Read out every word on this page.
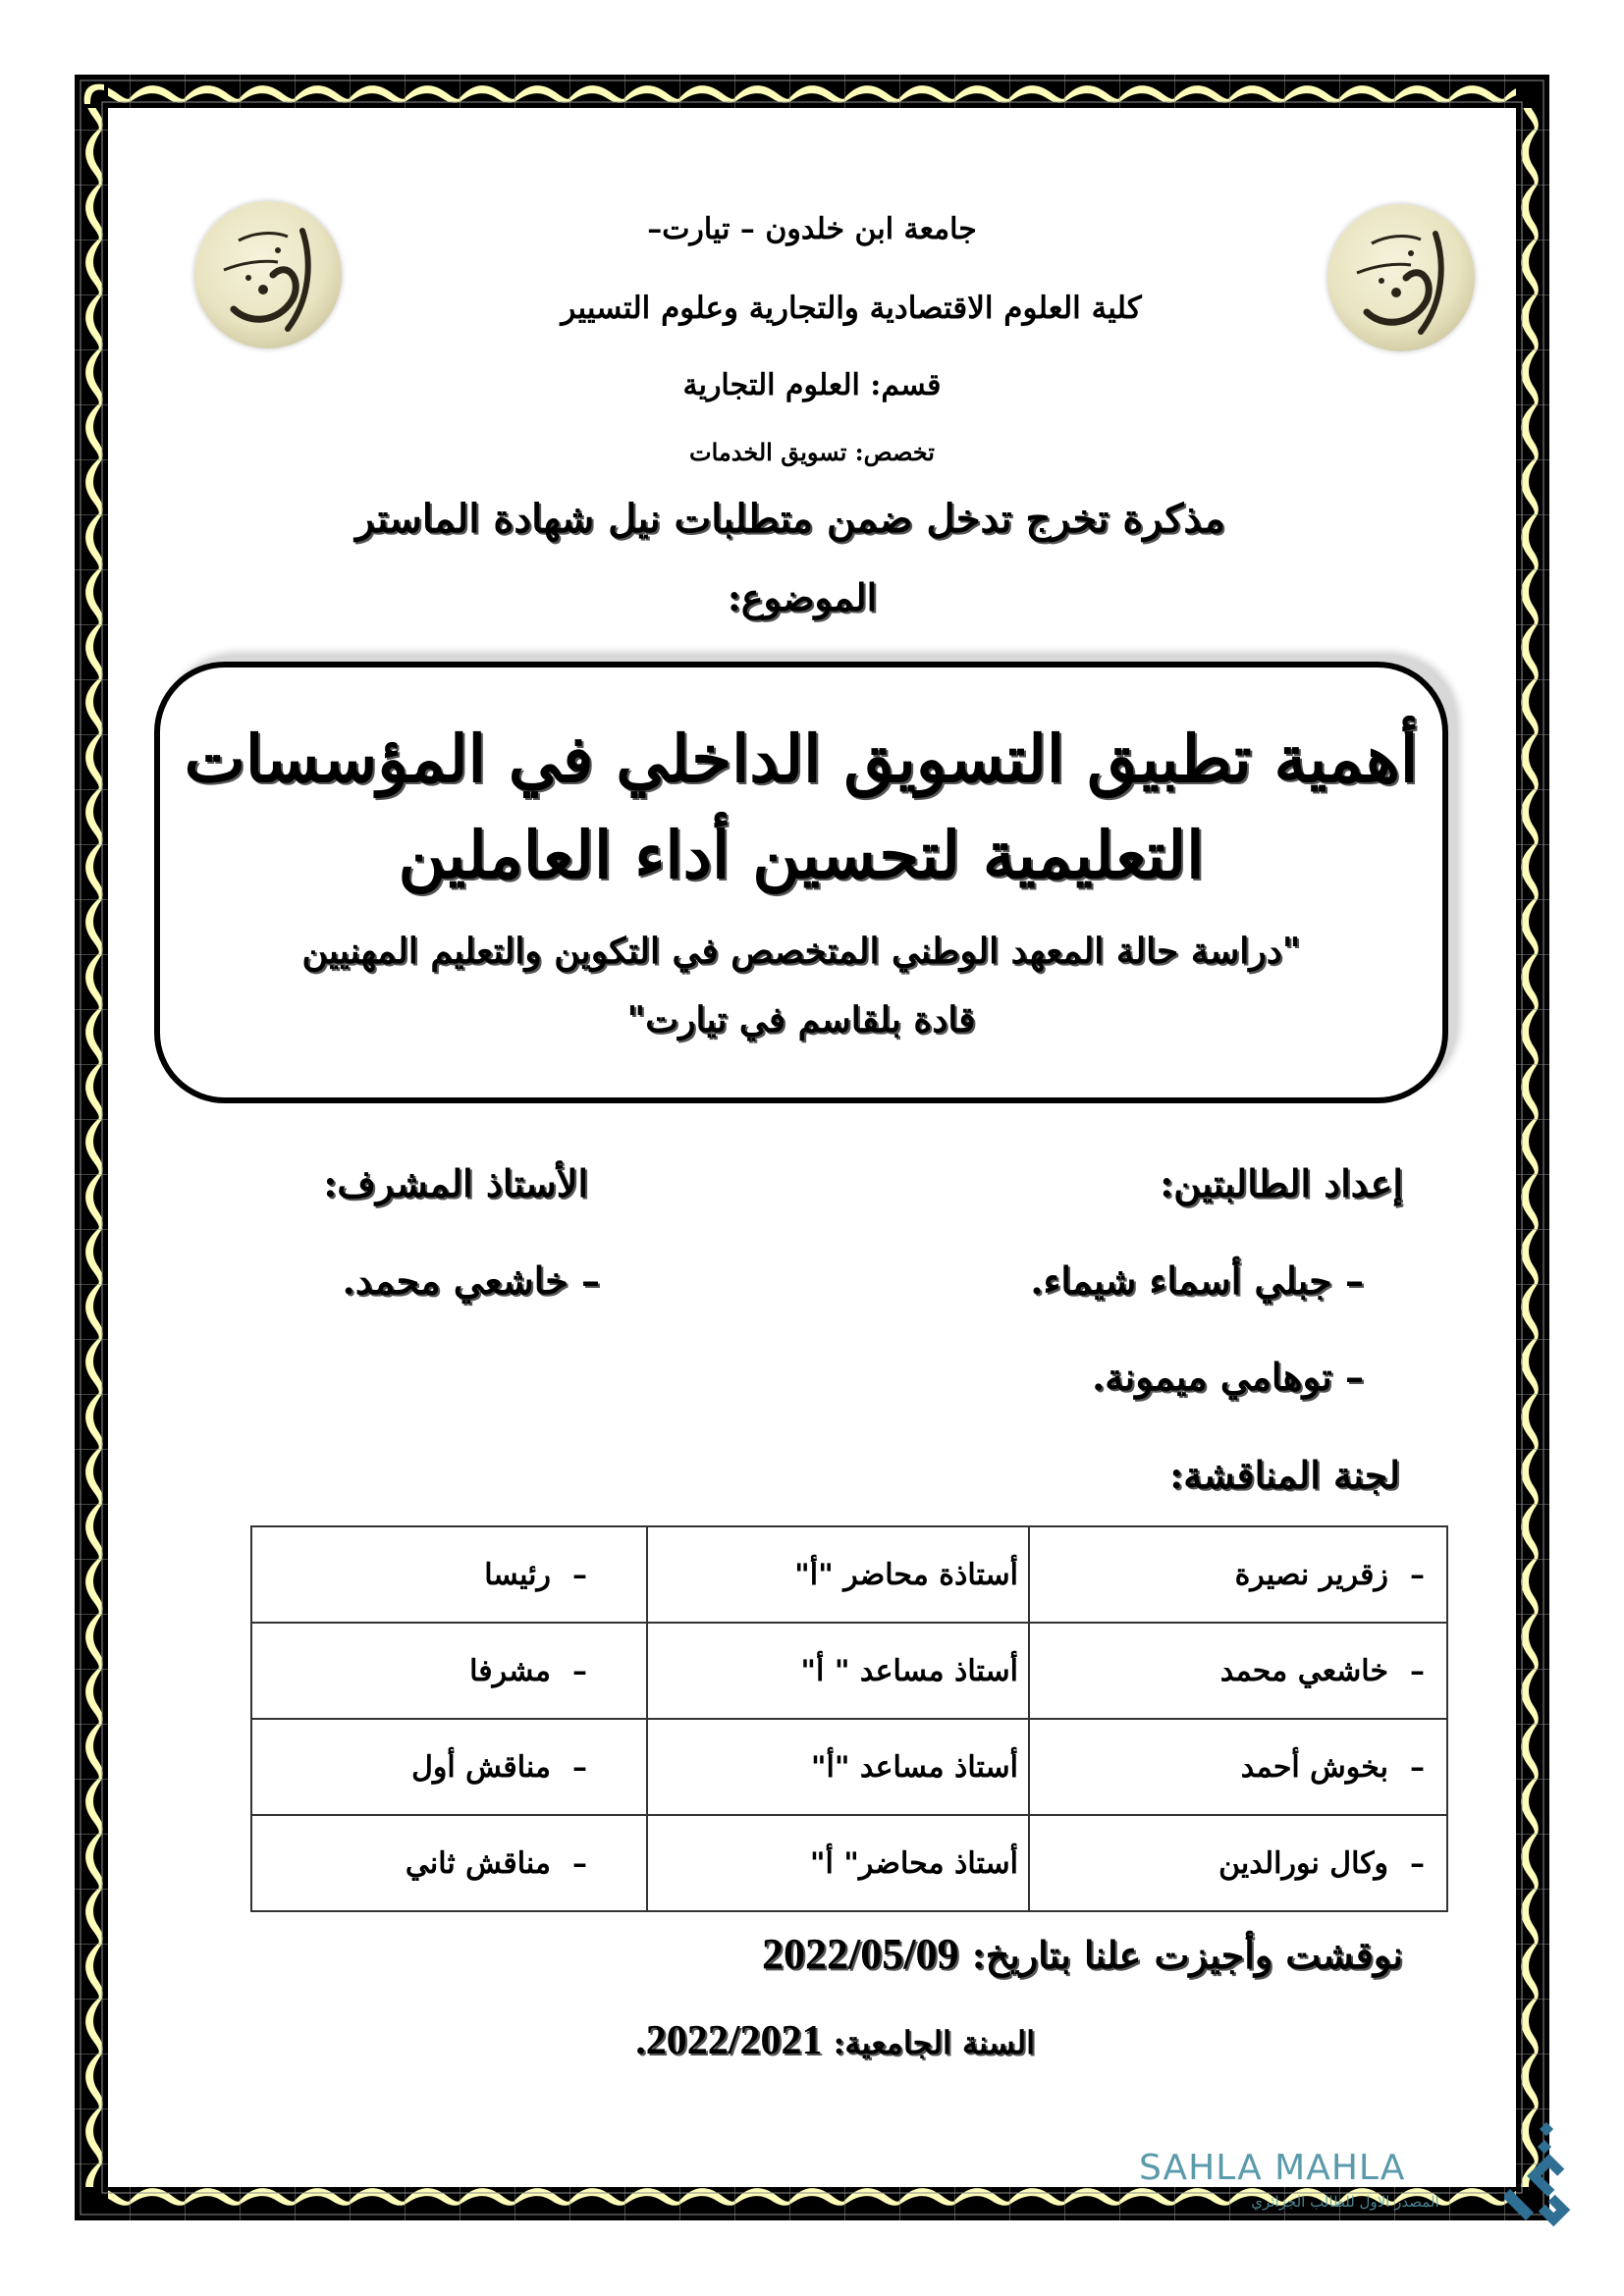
جامعة ابن خلدون – تيارت–
كلية العلوم الاقتصادية والتجارية وعلوم التسيير
قسم: العلوم التجارية
تخصص: تسويق الخدمات
مذكرة تخرج تدخل ضمن متطلبات نيل شهادة الماستر
الموضوع:
أهمية تطبيق التسويق الداخلي في المؤسسات
التعليمية لتحسين أداء العاملين
"دراسة حالة المعهد الوطني المتخصص في التكوين والتعليم المهنيين
قادة بلقاسم في تيارت"
إعداد الطالبتين:
الأستاذ المشرف:
– جبلي أسماء شيماء.
– خاشعي محمد.
– توهامي ميمونة.
لجنة المناقشة:
–زقرير نصيرة	أستاذة محاضر "أ"	–رئيسا
–خاشعي محمد	أستاذ مساعد " أ"	–مشرفا
–بخوش أحمد	أستاذ مساعد "أ"	–مناقش أول
–وكال نورالدين	أستاذ محاضر" أ"	–مناقش ثاني
نوقشت وأجيزت علنا بتاريخ: 2022/05/09
السنة الجامعية: 2022/2021.
SAHLA MAHLA
المصدر الاول للطالب الجزائري
